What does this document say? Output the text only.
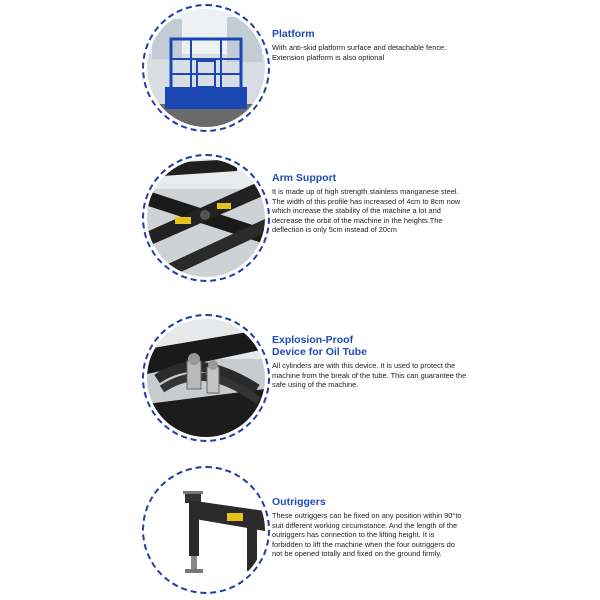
Platform

With anti-skid platform surface and detachable fence. Extension platform is also optional

Arm Support

It is made up of high strength stainless manganese steel. The width of this profile has increased of 4cm to 8cm now which increase the stability of the machine a lot and decrease the orbit of the machine in the heights.The deflection is only 5cm instead of 20cm

Explosion-Proof
Device for Oil Tube

All cylinders are with this device. It is used to protect the machine from the break of the tube. This can guarantee the safe using of the machine.

Outriggers

These outriggers can be fixed on any position within 90°to suit different working circumstance. And the length of the outriggers has connection to the lifting height. It is forbidden to lift the machine when the four outriggers do not be opened totally and fixed on the ground firmly.
